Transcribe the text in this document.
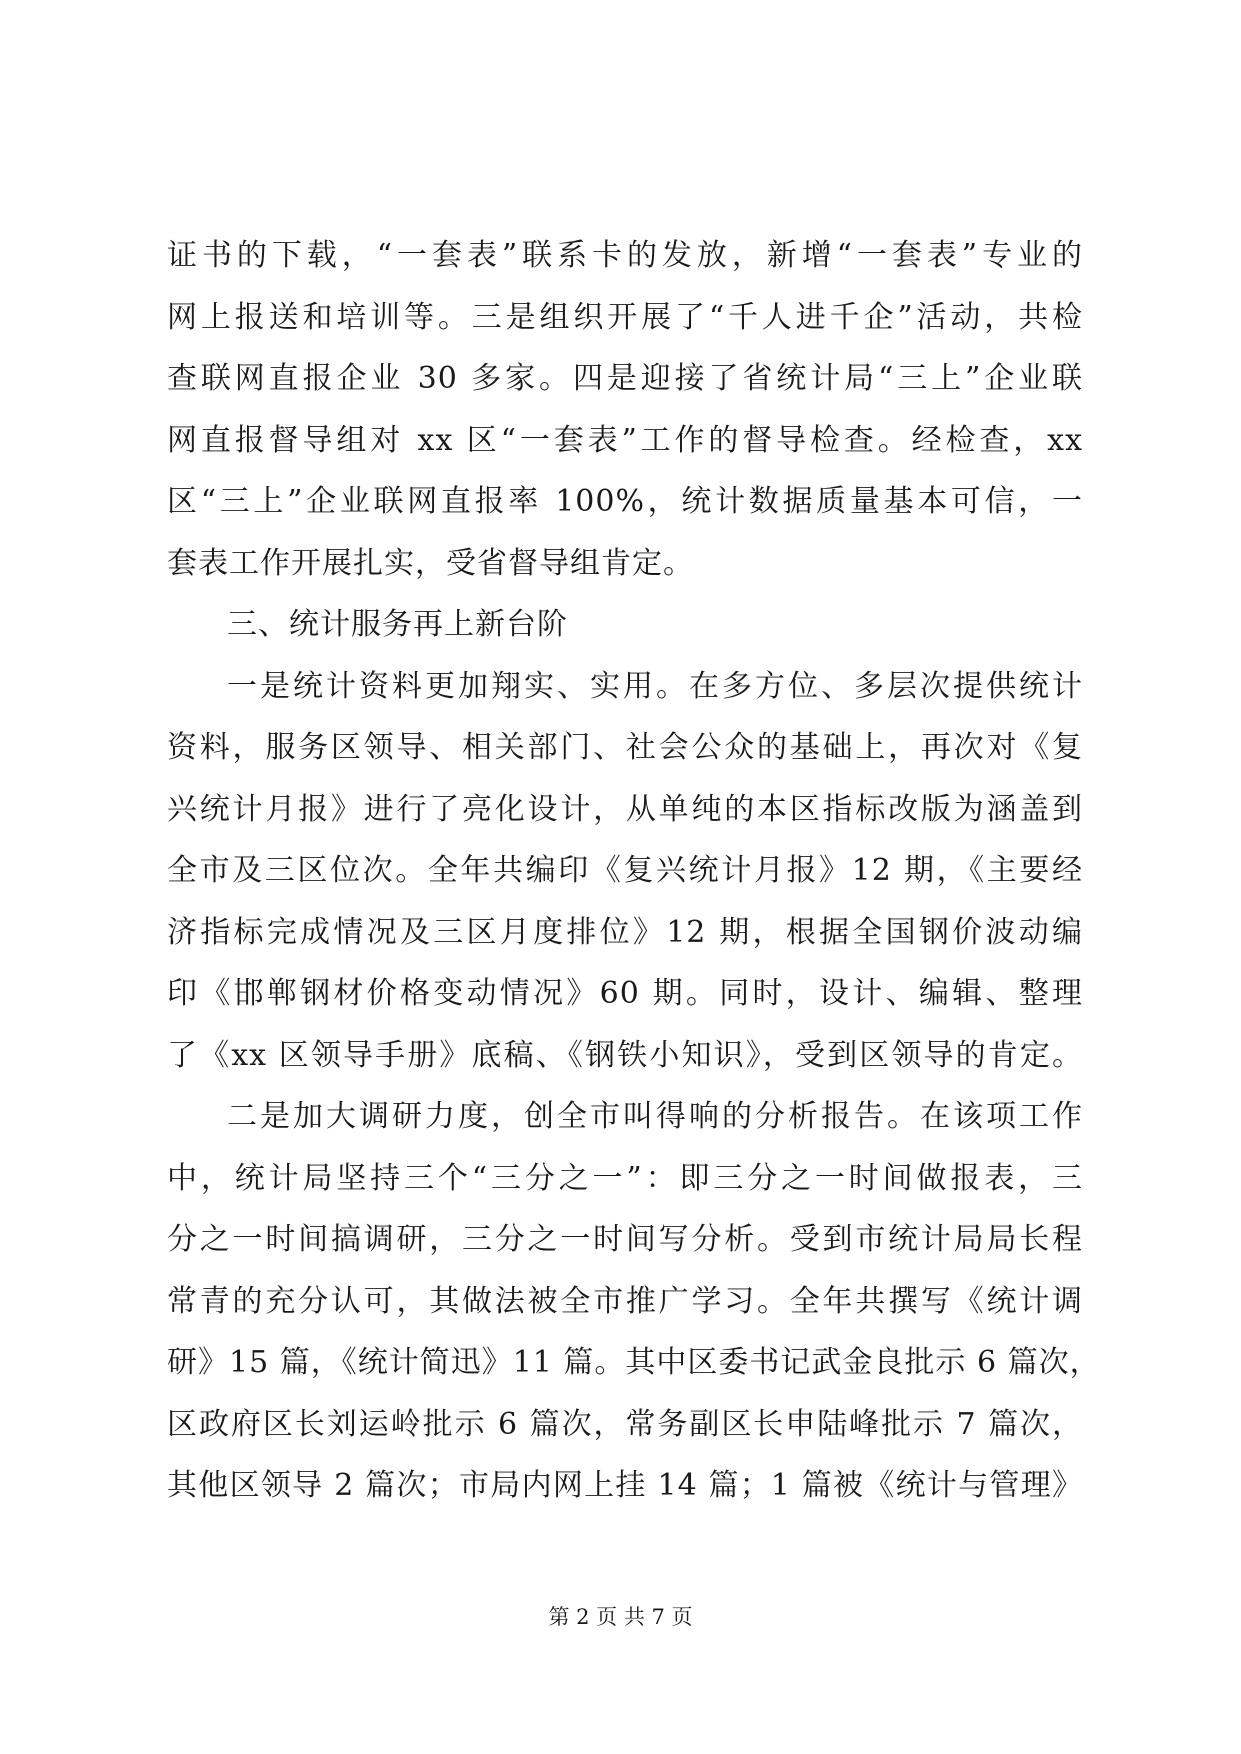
证书的下载，“一套表”联系卡的发放，新增“一套表”专业的
网上报送和培训等。三是组织开展了“千人进千企”活动，共检
查联网直报企业 30 多家。四是迎接了省统计局“三上”企业联
网直报督导组对 xx 区“一套表”工作的督导检查。经检查，xx
区“三上”企业联网直报率 100%，统计数据质量基本可信，一
套表工作开展扎实，受省督导组肯定。
三、统计服务再上新台阶
一是统计资料更加翔实、实用。在多方位、多层次提供统计
资料，服务区领导、相关部门、社会公众的基础上，再次对《复
兴统计月报》进行了亮化设计，从单纯的本区指标改版为涵盖到
全市及三区位次。全年共编印《复兴统计月报》12 期，《主要经
济指标完成情况及三区月度排位》12 期，根据全国钢价波动编
印《邯郸钢材价格变动情况》60 期。同时，设计、编辑、整理
了《xx 区领导手册》底稿、《钢铁小知识》，受到区领导的肯定。
二是加大调研力度，创全市叫得响的分析报告。在该项工作
中，统计局坚持三个“三分之一”：即三分之一时间做报表，三
分之一时间搞调研，三分之一时间写分析。受到市统计局局长程
常青的充分认可，其做法被全市推广学习。全年共撰写《统计调
研》15 篇，《统计简迅》11 篇。其中区委书记武金良批示 6 篇次，
区政府区长刘运岭批示 6 篇次，常务副区长申陆峰批示 7 篇次，
其他区领导 2 篇次；市局内网上挂 14 篇；1 篇被《统计与管理》
第 2 页 共 7 页
